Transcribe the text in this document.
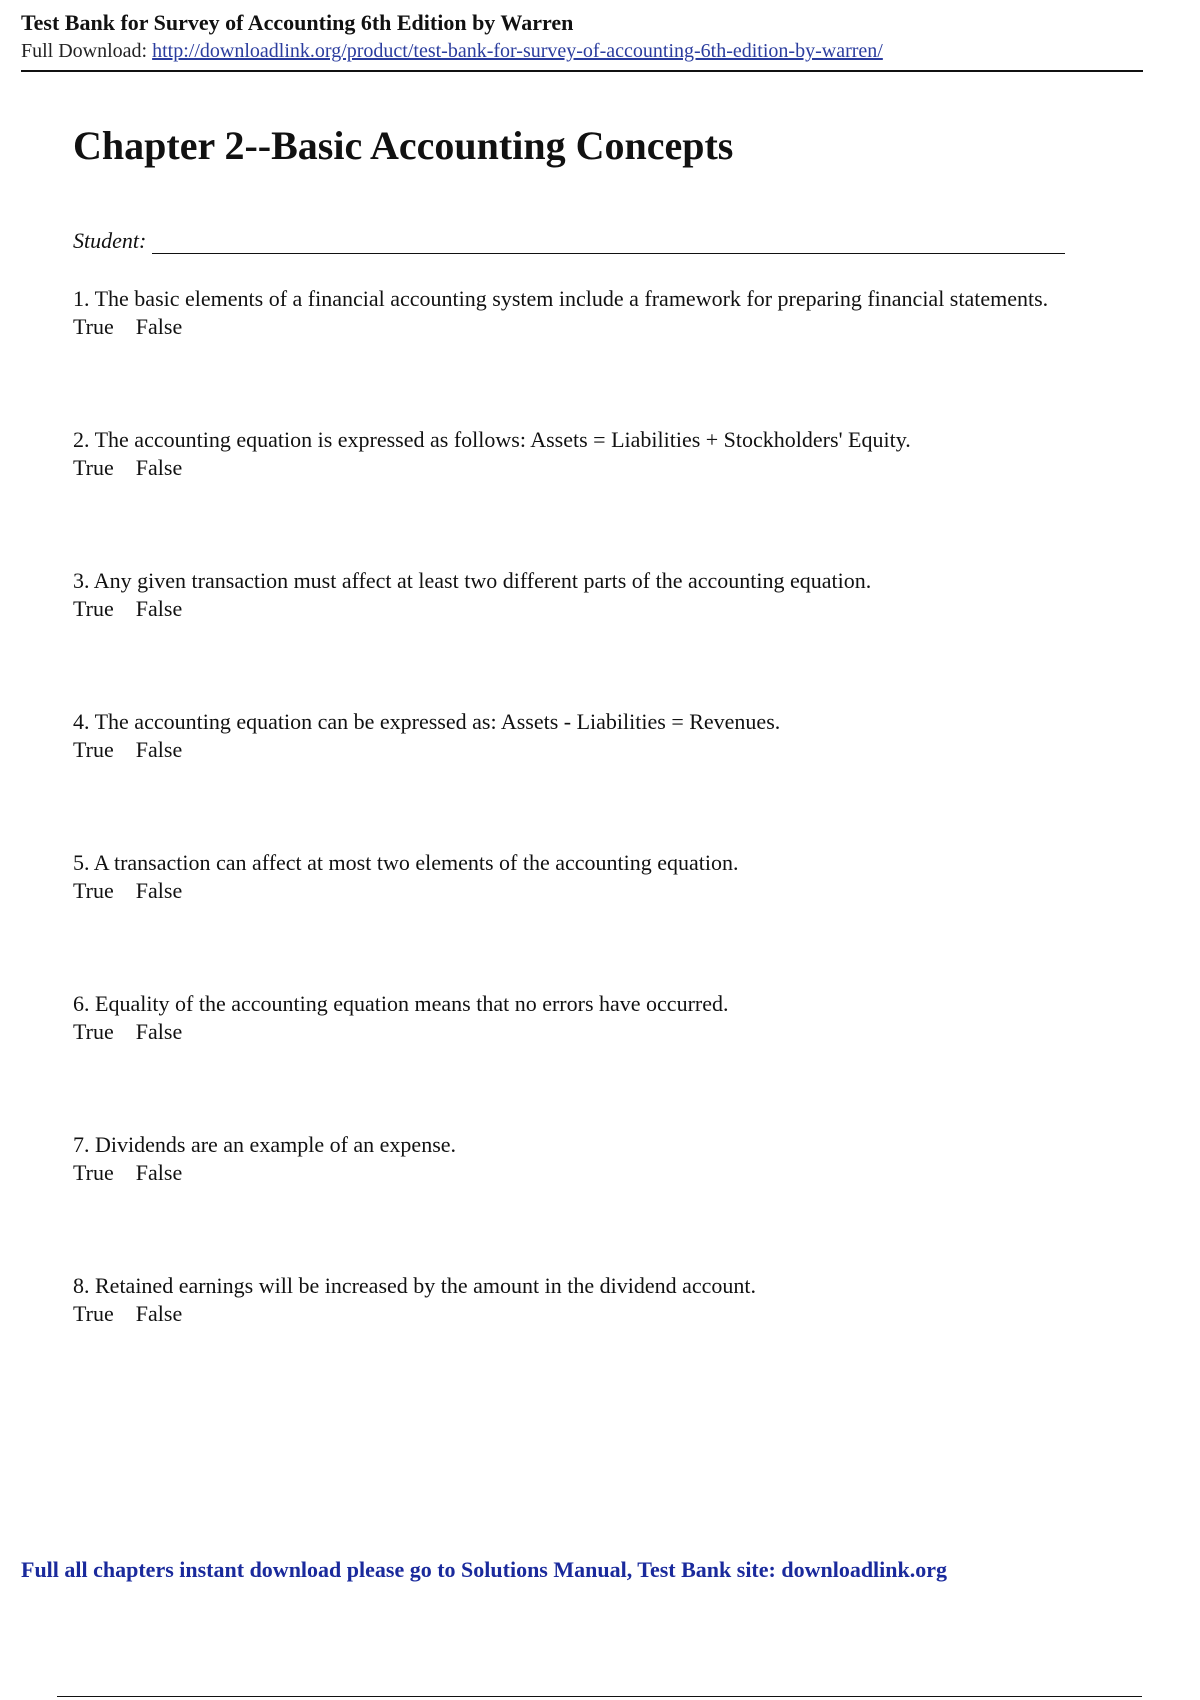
Test Bank for Survey of Accounting 6th Edition by Warren
Full Download: http://downloadlink.org/product/test-bank-for-survey-of-accounting-6th-edition-by-warren/
Chapter 2--Basic Accounting Concepts
Student:
1. The basic elements of a financial accounting system include a framework for preparing financial statements.
True False
2. The accounting equation is expressed as follows: Assets = Liabilities + Stockholders' Equity.
True False
3. Any given transaction must affect at least two different parts of the accounting equation.
True False
4. The accounting equation can be expressed as: Assets - Liabilities = Revenues.
True False
5. A transaction can affect at most two elements of the accounting equation.
True False
6. Equality of the accounting equation means that no errors have occurred.
True False
7. Dividends are an example of an expense.
True False
8. Retained earnings will be increased by the amount in the dividend account.
True False
Full all chapters instant download please go to Solutions Manual, Test Bank site: downloadlink.org
